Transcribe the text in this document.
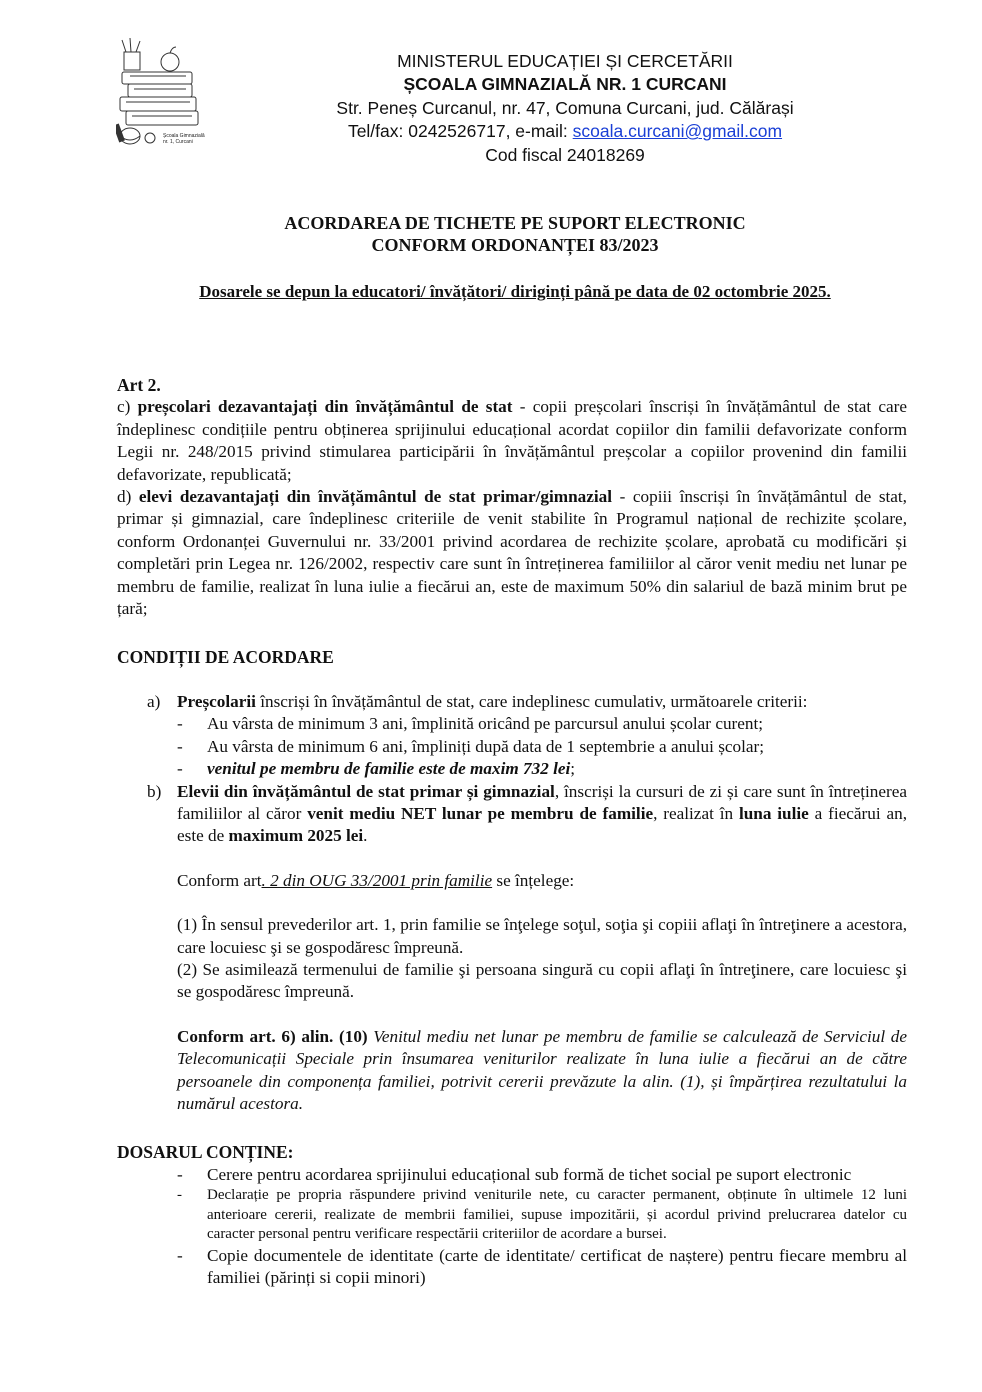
Școala Gimnazială nr. 1, Curcani
MINISTERUL EDUCAȚIEI ȘI CERCETĂRII
ȘCOALA GIMNAZIALĂ NR. 1 CURCANI
Str. Peneș Curcanul, nr. 47, Comuna Curcani, jud. Călărași
Tel/fax: 0242526717, e-mail: scoala.curcani@gmail.com
Cod fiscal 24018269
ACORDAREA DE TICHETE PE SUPORT ELECTRONIC
CONFORM ORDONANȚEI 83/2023
Dosarele se depun la educatori/ învățători/ diriginți până pe data de 02 octombrie 2025.

Art 2.

c) preșcolari dezavantajați din învățământul de stat - copii preșcolari înscriși în învățământul de stat care îndeplinesc condițiile pentru obținerea sprijinului educațional acordat copiilor din familii defavorizate conform Legii nr. 248/2015 privind stimularea participării în învățământul preșcolar a copiilor provenind din familii defavorizate, republicată;

d) elevi dezavantajați din învățământul de stat primar/gimnazial - copiii înscriși în învățământul de stat, primar și gimnazial, care îndeplinesc criteriile de venit stabilite în Programul național de rechizite școlare, conform Ordonanței Guvernului nr. 33/2001 privind acordarea de rechizite școlare, aprobată cu modificări și completări prin Legea nr. 126/2002, respectiv care sunt în întreținerea familiilor al căror venit mediu net lunar pe membru de familie, realizat în luna iulie a fiecărui an, este de maximum 50% din salariul de bază minim brut pe țară;

CONDIȚII DE ACORDARE

a) Preșcolarii înscriși în învățământul de stat, care indeplinesc cumulativ, următoarele criterii:
- Au vârsta de minimum 3 ani, împlinită oricând pe parcursul anului școlar curent;
- Au vârsta de minimum 6 ani, împliniți după data de 1 septembrie a anului școlar;
- venitul pe membru de familie este de maxim 732 lei;
b) Elevii din învățământul de stat primar și gimnazial, înscriși la cursuri de zi și care sunt în întreținerea familiilor al căror venit mediu NET lunar pe membru de familie, realizat în luna iulie a fiecărui an, este de maximum 2025 lei.

Conform art. 2 din OUG 33/2001 prin familie se înțelege:

(1) În sensul prevederilor art. 1, prin familie se înţelege soţul, soţia şi copiii aflaţi în întreţinere a acestora, care locuiesc şi se gospodăresc împreună.

(2) Se asimilează termenului de familie şi persoana singură cu copii aflaţi în întreţinere, care locuiesc şi se gospodăresc împreună.

Conform art. 6) alin. (10) Venitul mediu net lunar pe membru de familie se calculează de Serviciul de Telecomunicații Speciale prin însumarea veniturilor realizate în luna iulie a fiecărui an de către persoanele din componența familiei, potrivit cererii prevăzute la alin. (1), și împărțirea rezultatului la numărul acestora.

DOSARUL CONȚINE:

- Cerere pentru acordarea sprijinului educațional sub formă de tichet social pe suport electronic
- Declarație pe propria răspundere privind veniturile nete, cu caracter permanent, obținute în ultimele 12 luni anterioare cererii, realizate de membrii familiei, supuse impozitării, și acordul privind prelucrarea datelor cu caracter personal pentru verificare respectării criteriilor de acordare a bursei.
- Copie documentele de identitate (carte de identitate/ certificat de naștere) pentru fiecare membru al familiei (părinți si copii minori)
